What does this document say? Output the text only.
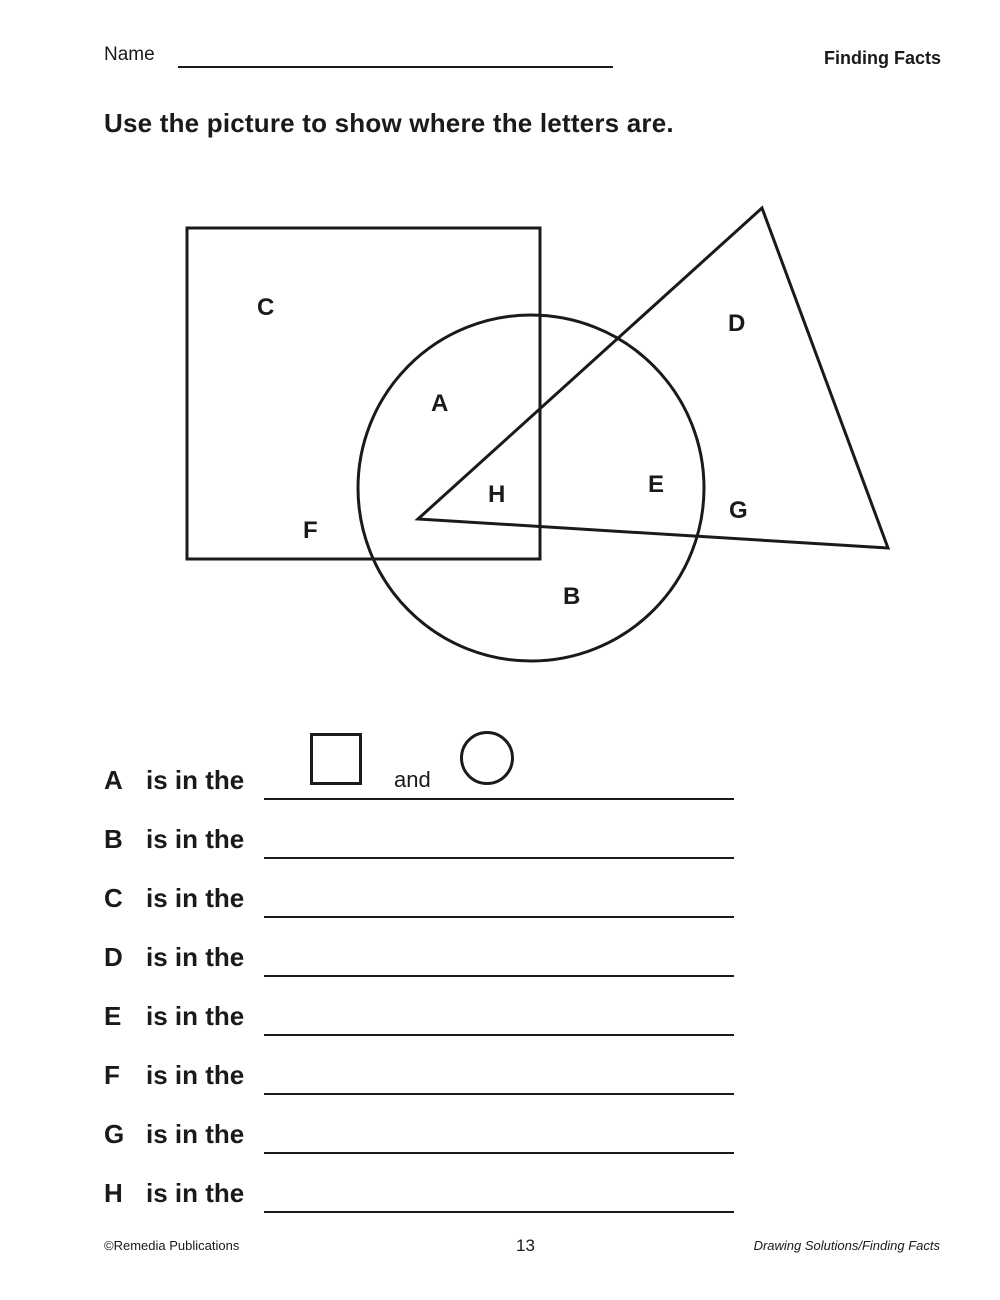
Name	Finding Facts
Use the picture to show where the letters are.
C
D
A
H	E
G
F
B
A is in the	and
B is in the
C is in the
D is in the
E is in the
F is in the
G is in the
H is in the
©Remedia Publications	13	Drawing Solutions/Finding Facts
